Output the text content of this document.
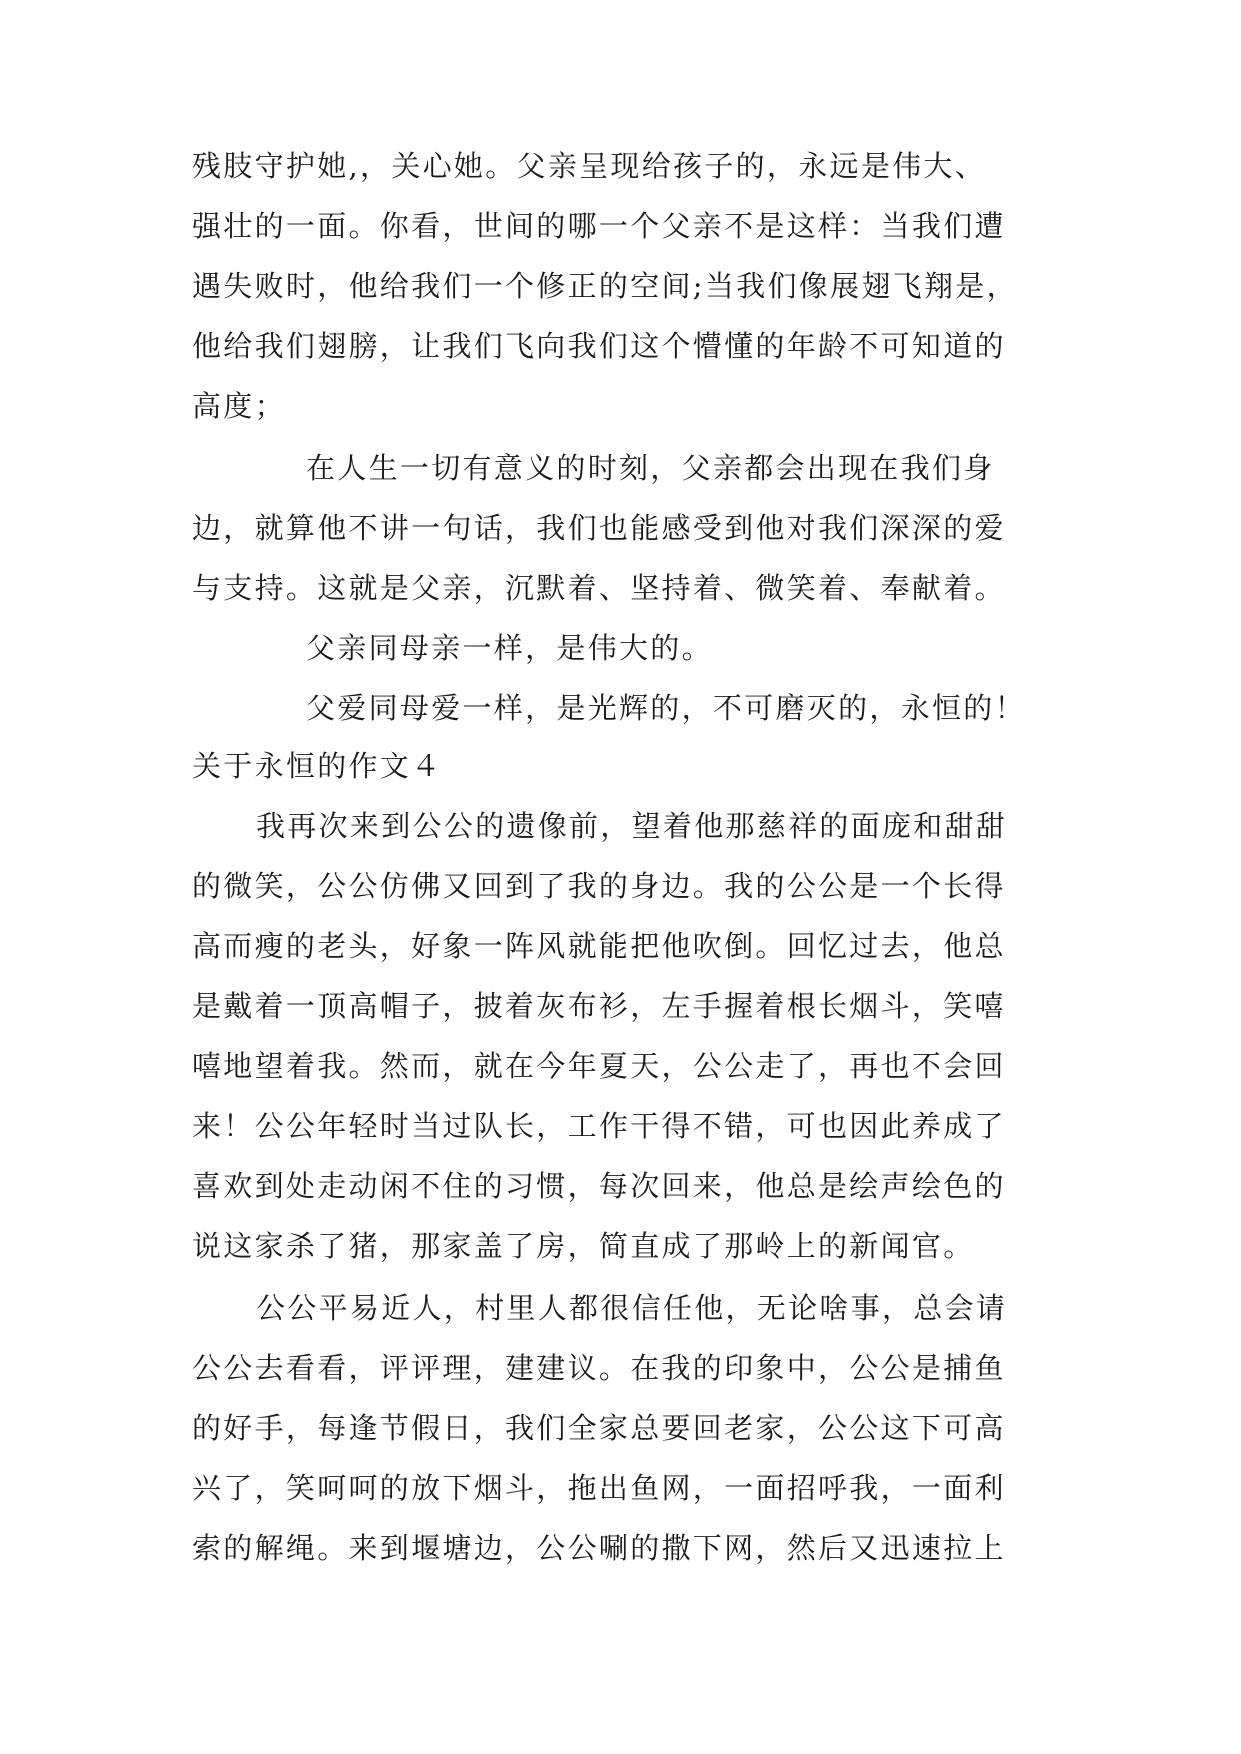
残肢守护她,，关心她。父亲呈现给孩子的，永远是伟大、
强壮的一面。你看，世间的哪一个父亲不是这样：当我们遭
遇失败时，他给我们一个修正的空间;当我们像展翅飞翔是，
他给我们翅膀，让我们飞向我们这个懵懂的年龄不可知道的
高度；
在人生一切有意义的时刻，父亲都会出现在我们身
边，就算他不讲一句话，我们也能感受到他对我们深深的爱
与支持。这就是父亲，沉默着、坚持着、微笑着、奉献着。
父亲同母亲一样，是伟大的。
父爱同母爱一样，是光辉的，不可磨灭的，永恒的！
关于永恒的作文４
我再次来到公公的遗像前，望着他那慈祥的面庞和甜甜
的微笑，公公仿佛又回到了我的身边。我的公公是一个长得
高而瘦的老头，好象一阵风就能把他吹倒。回忆过去，他总
是戴着一顶高帽子，披着灰布衫，左手握着根长烟斗，笑嘻
嘻地望着我。然而，就在今年夏天，公公走了，再也不会回
来！公公年轻时当过队长，工作干得不错，可也因此养成了
喜欢到处走动闲不住的习惯，每次回来，他总是绘声绘色的
说这家杀了猪，那家盖了房，简直成了那岭上的新闻官。
公公平易近人，村里人都很信任他，无论啥事，总会请
公公去看看，评评理，建建议。在我的印象中，公公是捕鱼
的好手，每逢节假日，我们全家总要回老家，公公这下可高
兴了，笑呵呵的放下烟斗，拖出鱼网，一面招呼我，一面利
索的解绳。来到堰塘边，公公唰的撒下网，然后又迅速拉上
